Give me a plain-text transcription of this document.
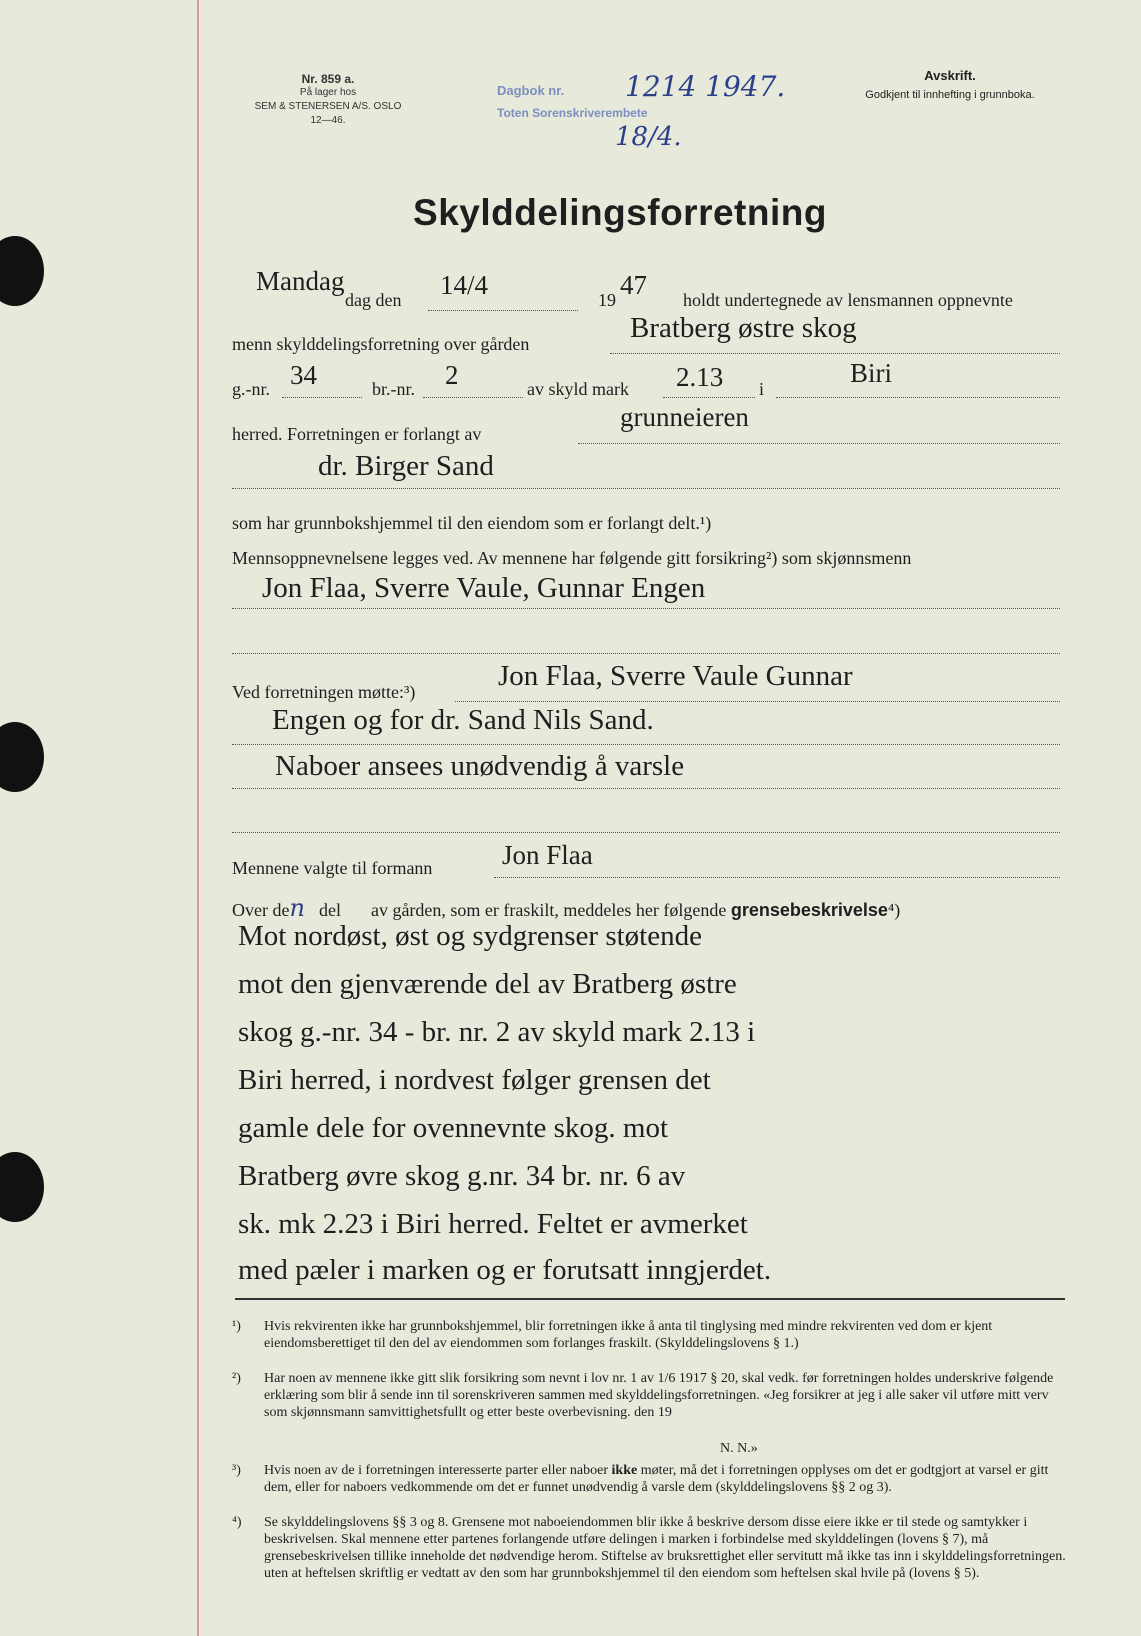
Nr. 859 a.
På lager hos
SEM & STENERSEN A/S. OSLO
12—46.
Dagbok nr.
Toten Sorenskriverembete
1214 1947.
18/4.
Avskrift.
Godkjent til innhefting i grunnboka.
Skylddelingsforretning
Mandag
dag den 14/4	19 47 holdt undertegnede av lensmannen oppnevnte
menn skylddelingsforretning over gården	Bratberg østre skog
g.-nr. 34	br.-nr. 2	av skyld mark 2.13 i
Biri
herred. Forretningen er forlangt av
grunneieren
dr. Birger Sand
som har grunnbokshjemmel til den eiendom som er forlangt delt.¹)
Mennsoppnevnelsene legges ved. Av mennene har følgende gitt forsikring²) som skjønnsmenn
Jon Flaa, Sverre Vaule, Gunnar Engen
Ved forretningen møtte:³)	Jon Flaa, Sverre Vaule Gunnar
Engen og for dr. Sand Nils Sand.
Naboer ansees unødvendig å varsle
Mennene valgte til formann	Jon Flaa
Over den del av gården, som er fraskilt, meddeles her følgende grensebeskrivelse⁴)
Mot nordøst, øst og sydgrenser støtende
mot den gjenværende del av Bratberg østre
skog g.-nr. 34 - br. nr. 2 av skyld mark 2.13 i
Biri herred, i nordvest følger grensen det
gamle dele for ovennevnte skog. mot
Bratberg øvre skog g.nr. 34 br. nr. 6 av
sk. mk 2.23 i Biri herred. Feltet er avmerket
med pæler i marken og er forutsatt inngjerdet.
¹)	Hvis rekvirenten ikke har grunnbokshjemmel, blir forretningen ikke å anta til tinglysing med mindre rekvirenten ved dom er kjent eiendomsberettiget til den del av eiendommen som forlanges fraskilt. (Skylddelingslovens § 1.)
²)	Har noen av mennene ikke gitt slik forsikring som nevnt i lov nr. 1 av 1/6 1917 § 20, skal vedk. før forretningen holdes underskrive følgende erklæring som blir å sende inn til sorenskriveren sammen med skylddelingsforretningen. «Jeg forsikrer at jeg i alle saker vil utføre mitt verv som skjønnsmann samvittighetsfullt og etter beste overbevisning. den 19
N. N.»
³)	Hvis noen av de i forretningen interesserte parter eller naboer ikke møter, må det i forretningen opplyses om det er godtgjort at varsel er gitt dem, eller for naboers vedkommende om det er funnet unødvendig å varsle dem (skylddelingslovens §§ 2 og 3).
⁴)	Se skylddelingslovens §§ 3 og 8. Grensene mot naboeiendommen blir ikke å beskrive dersom disse eiere ikke er til stede og samtykker i beskrivelsen. Skal mennene etter partenes forlangende utføre delingen i marken i forbindelse med skylddelingen (lovens § 7), må grensebeskrivelsen tillike inneholde det nødvendige herom. Stiftelse av bruksrettighet eller servitutt må ikke tas inn i skylddelingsforretningen. uten at heftelsen skriftlig er vedtatt av den som har grunnbokshjemmel til den eiendom som heftelsen skal hvile på (lovens § 5).
